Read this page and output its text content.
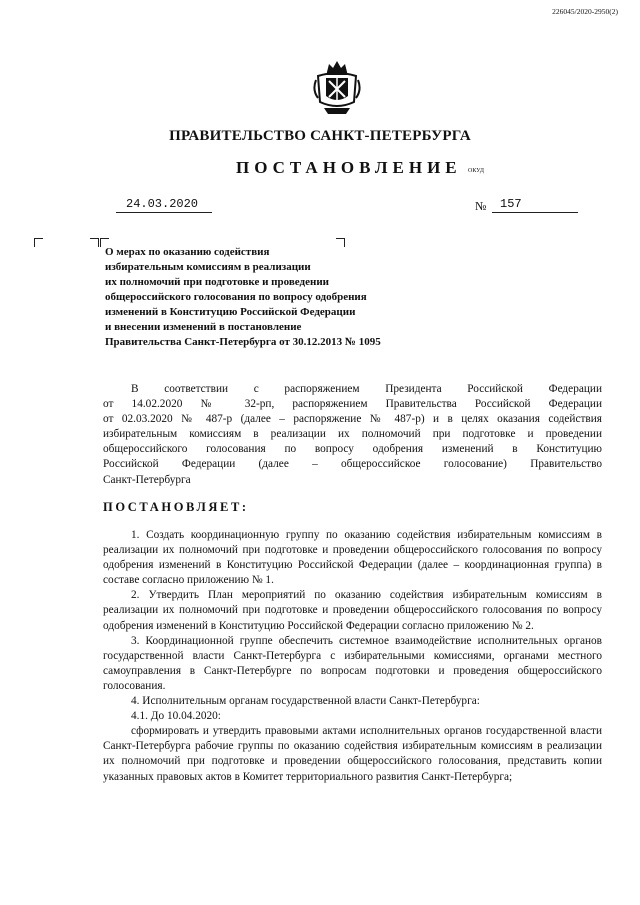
226045/2020-2950(2)
ПРАВИТЕЛЬСТВО САНКТ-ПЕТЕРБУРГА
ПОСТАНОВЛЕНИЕ ОКУД
24.03.2020	№ 157
О мерах по оказанию содействия
избирательным комиссиям в реализации
их полномочий при подготовке и проведении
общероссийского голосования по вопросу одобрения
изменений в Конституцию Российской Федерации
и внесении изменений в постановление
Правительства Санкт-Петербурга от 30.12.2013 № 1095
В соответствии с распоряжением Президента Российской Федерации
от 14.02.2020 № 32-рп, распоряжением Правительства Российской Федерации
от 02.03.2020 № 487-р (далее – распоряжение № 487-р) и в целях оказания содействия
избирательным комиссиям в реализации их полномочий при подготовке и проведении
общероссийского голосования по вопросу одобрения изменений в Конституцию
Российской Федерации (далее – общероссийское голосование) Правительство
Санкт-Петербурга
ПОСТАНОВЛЯЕТ:
1. Создать координационную группу по оказанию содействия избирательным комиссиям в реализации их полномочий при подготовке и проведении общероссийского голосования по вопросу одобрения изменений в Конституцию Российской Федерации (далее – координационная группа) в составе согласно приложению № 1.
2. Утвердить План мероприятий по оказанию содействия избирательным комиссиям в реализации их полномочий при подготовке и проведении общероссийского голосования по вопросу одобрения изменений в Конституцию Российской Федерации согласно приложению № 2.
3. Координационной группе обеспечить системное взаимодействие исполнительных органов государственной власти Санкт-Петербурга с избирательными комиссиями, органами местного самоуправления в Санкт-Петербурге по вопросам подготовки и проведения общероссийского голосования.
4. Исполнительным органам государственной власти Санкт-Петербурга:
4.1. До 10.04.2020:
сформировать и утвердить правовыми актами исполнительных органов государственной власти Санкт-Петербурга рабочие группы по оказанию содействия избирательным комиссиям в реализации их полномочий при подготовке и проведении общероссийского голосования, представить копии указанных правовых актов в Комитет территориального развития Санкт-Петербурга;
